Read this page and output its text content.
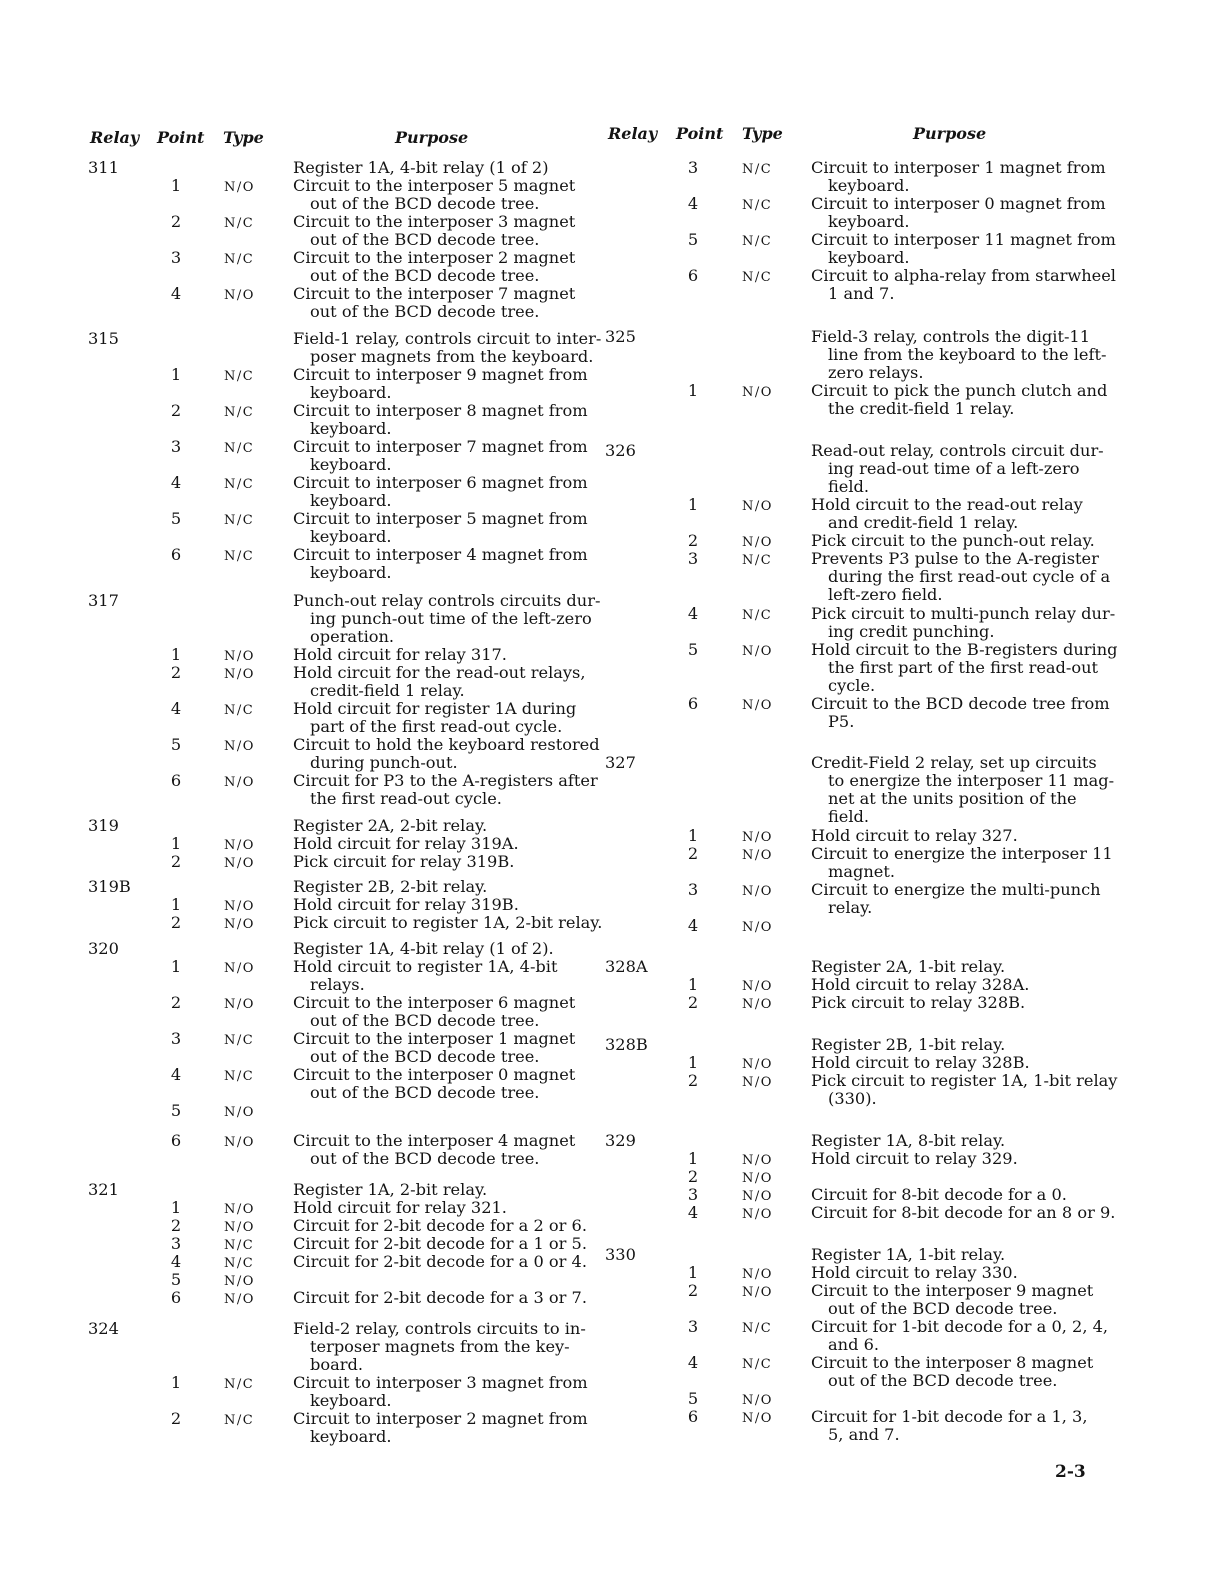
Relay Point Type	Purpose	Relay Point Type	Purpose
311	Register 1A, 4-bit relay (1 of 2)
1	N/O Circuit to the interposer 5 magnet
out of the BCD decode tree.
2	N/C Circuit to the interposer 3 magnet
out of the BCD decode tree.
3	N/C Circuit to the interposer 2 magnet
out of the BCD decode tree.
4	N/O Circuit to the interposer 7 magnet
out of the BCD decode tree.
315	Field-1 relay, controls circuit to inter-
poser magnets from the keyboard.
1	N/C Circuit to interposer 9 magnet from
keyboard.
2	N/C Circuit to interposer 8 magnet from
keyboard.
3	N/C Circuit to interposer 7 magnet from
keyboard.
4	N/C Circuit to interposer 6 magnet from
keyboard.
5	N/C Circuit to interposer 5 magnet from
keyboard.
6	N/C Circuit to interposer 4 magnet from
keyboard.
317	Punch-out relay controls circuits dur-
ing punch-out time of the left-zero
operation.
1	N/O Hold circuit for relay 317.
2	N/O Hold circuit for the read-out relays,
credit-field 1 relay.
4	N/C Hold circuit for register 1A during
part of the first read-out cycle.
5	N/O Circuit to hold the keyboard restored
during punch-out.
6	N/O Circuit for P3 to the A-registers after
the first read-out cycle.
319	Register 2A, 2-bit relay.
1	N/O Hold circuit for relay 319A.
2	N/O Pick circuit for relay 319B.
319B	Register 2B, 2-bit relay.
1	N/O Hold circuit for relay 319B.
2	N/O Pick circuit to register 1A, 2-bit relay.
320	Register 1A, 4-bit relay (1 of 2).
1	N/O Hold circuit to register 1A, 4-bit
relays.
2	N/O Circuit to the interposer 6 magnet
out of the BCD decode tree.
3	N/C Circuit to the interposer 1 magnet
out of the BCD decode tree.
4	N/C Circuit to the interposer 0 magnet
out of the BCD decode tree.
5	N/O
6	N/O Circuit to the interposer 4 magnet
out of the BCD decode tree.
321	Register 1A, 2-bit relay.
1	N/O Hold circuit for relay 321.
2	N/O Circuit for 2-bit decode for a 2 or 6.
3	N/C Circuit for 2-bit decode for a 1 or 5.
4	N/C Circuit for 2-bit decode for a 0 or 4.
5	N/O
6	N/O Circuit for 2-bit decode for a 3 or 7.
324	Field-2 relay, controls circuits to in-
terposer magnets from the key-
board.
1	N/C Circuit to interposer 3 magnet from
keyboard.
2	N/C Circuit to interposer 2 magnet from
keyboard.
3	N/C Circuit to interposer 1 magnet from
keyboard.
4	N/C Circuit to interposer 0 magnet from
keyboard.
5	N/C Circuit to interposer 11 magnet from
keyboard.
6	N/C Circuit to alpha-relay from starwheel
1 and 7.
325	Field-3 relay, controls the digit-11
line from the keyboard to the left-
zero relays.
1	N/O Circuit to pick the punch clutch and
the credit-field 1 relay.
326	Read-out relay, controls circuit dur-
ing read-out time of a left-zero
field.
1	N/O Hold circuit to the read-out relay
and credit-field 1 relay.
2	N/O Pick circuit to the punch-out relay.
3	N/C Prevents P3 pulse to the A-register
during the first read-out cycle of a
left-zero field.
4	N/C Pick circuit to multi-punch relay dur-
ing credit punching.
5	N/O Hold circuit to the B-registers during
the first part of the first read-out
cycle.
6	N/O Circuit to the BCD decode tree from
P5.
327	Credit-Field 2 relay, set up circuits
to energize the interposer 11 mag-
net at the units position of the
field.
1	N/O Hold circuit to relay 327.
2	N/O Circuit to energize the interposer 11
magnet.
3	N/O Circuit to energize the multi-punch
relay.
4	N/O
328A	Register 2A, 1-bit relay.
1	N/O Hold circuit to relay 328A.
2	N/O Pick circuit to relay 328B.
328B	Register 2B, 1-bit relay.
1	N/O Hold circuit to relay 328B.
2	N/O Pick circuit to register 1A, 1-bit relay
(330).
329	Register 1A, 8-bit relay.
1	N/O Hold circuit to relay 329.
2	N/O
3	N/O Circuit for 8-bit decode for a 0.
4	N/O Circuit for 8-bit decode for an 8 or 9.
330	Register 1A, 1-bit relay.
1	N/O Hold circuit to relay 330.
2	N/O Circuit to the interposer 9 magnet
out of the BCD decode tree.
3	N/C Circuit for 1-bit decode for a 0, 2, 4,
and 6.
4	N/C Circuit to the interposer 8 magnet
out of the BCD decode tree.
5	N/O
6	N/O Circuit for 1-bit decode for a 1, 3,
5, and 7.
2-3
